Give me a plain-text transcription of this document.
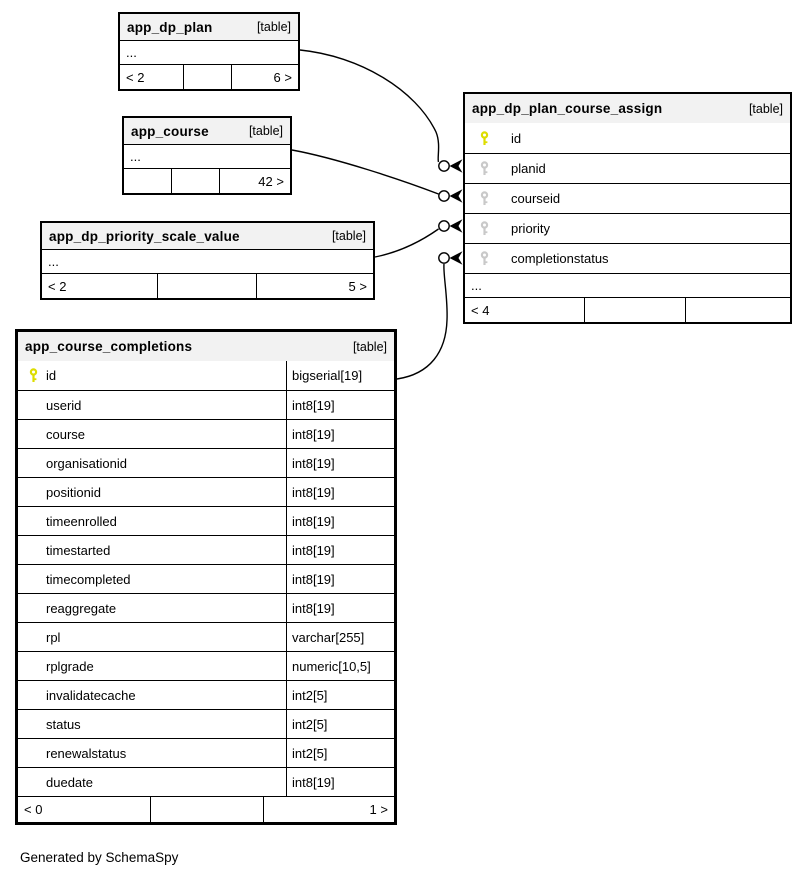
app_dp_plan	[table]
...
< 2	6 >
app_course	[table]
...
42 >
app_dp_priority_scale_value	[table]
...
< 2	5 >
app_dp_plan_course_assign	[table]
id
planid
courseid
priority
completionstatus
...
< 4
app_course_completions	[table]
id	bigserial[19]
userid	int8[19]
course	int8[19]
organisationid	int8[19]
positionid	int8[19]
timeenrolled	int8[19]
timestarted	int8[19]
timecompleted	int8[19]
reaggregate	int8[19]
rpl	varchar[255]
rplgrade	numeric[10,5]
invalidatecache	int2[5]
status	int2[5]
renewalstatus	int2[5]
duedate	int8[19]
< 0	1 >
Generated by SchemaSpy
